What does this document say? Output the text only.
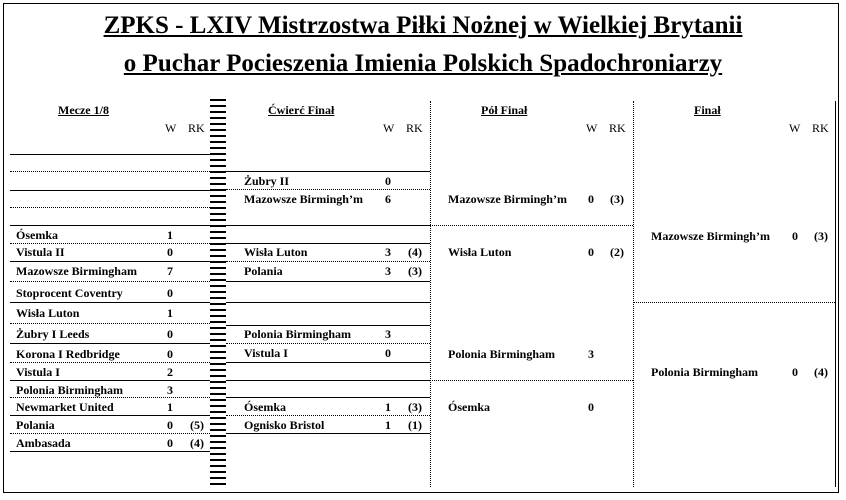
ZPKS - LXIV Mistrzostwa Piłki Nożnej w Wielkiej Brytanii
o Puchar Pocieszenia Imienia Polskich Spadochroniarzy
Mecze 1/8
W RK
Ćwierć Finał
W RK
Pół Finał
W RK
Finał
W RK
Ósemka	1
Vistula II	0
Mazowsze Birmingham	7
Stoprocent Coventry	0
Wisła Luton	1
Żubry I Leeds	0
Korona I Redbridge	0
Vistula I	2
Polonia Birmingham	3
Newmarket United	1
Polania	0 (5)
Ambasada	0 (4)
Żubry II	0
Mazowsze Birmingh’m 6
Wisła Luton	3 (4)
Polania	3 (3)
Polonia Birmingham	3
Vistula I	0
Ósemka	1 (3)
Ognisko Bristol	1 (1)
Mazowsze Birmingh’m 0 (3)
Wisła Luton	0 (2)
Polonia Birmingham	3
Ósemka	0
Mazowsze Birmingh’m 0 (3)
Polonia Birmingham	0 (4)
